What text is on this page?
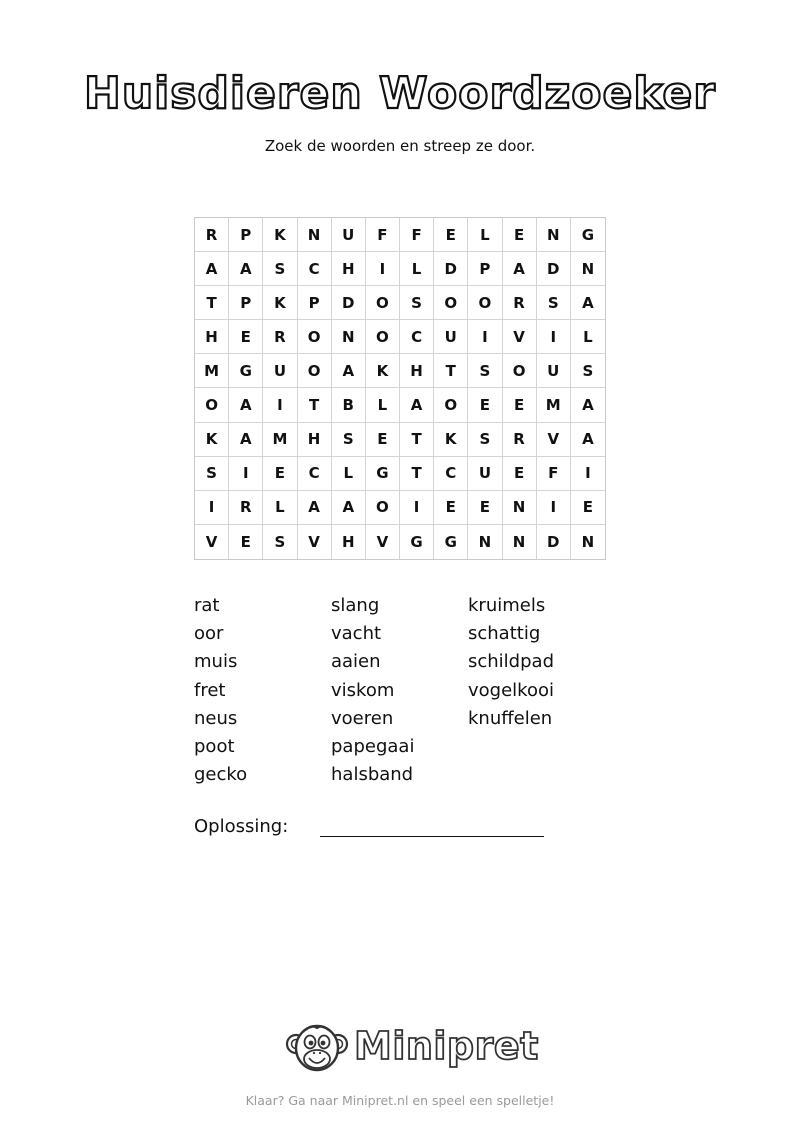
Huisdieren Woordzoeker
Zoek de woorden en streep ze door.
R	P	K	N	U	F	F	E	L	E	N	G
A	A	S	C	H	I	L	D	P	A	D	N
T	P	K	P	D	O	S	O	O	R	S	A
H	E	R	O	N	O	C	U	I	V	I	L
M	G	U	O	A	K	H	T	S	O	U	S
O	A	I	T	B	L	A	O	E	E	M	A
K	A	M	H	S	E	T	K	S	R	V	A
S	I	E	C	L	G	T	C	U	E	F	I
I	R	L	A	A	O	I	E	E	N	I	E
V	E	S	V	H	V	G	G	N	N	D	N
rat
oor
muis
fret
neus
poot
gecko
slang
vacht
aaien
viskom
voeren
papegaai
halsband
kruimels
schattig
schildpad
vogelkooi
knuffelen
Oplossing:
Minipret
Klaar? Ga naar Minipret.nl en speel een spelletje!
